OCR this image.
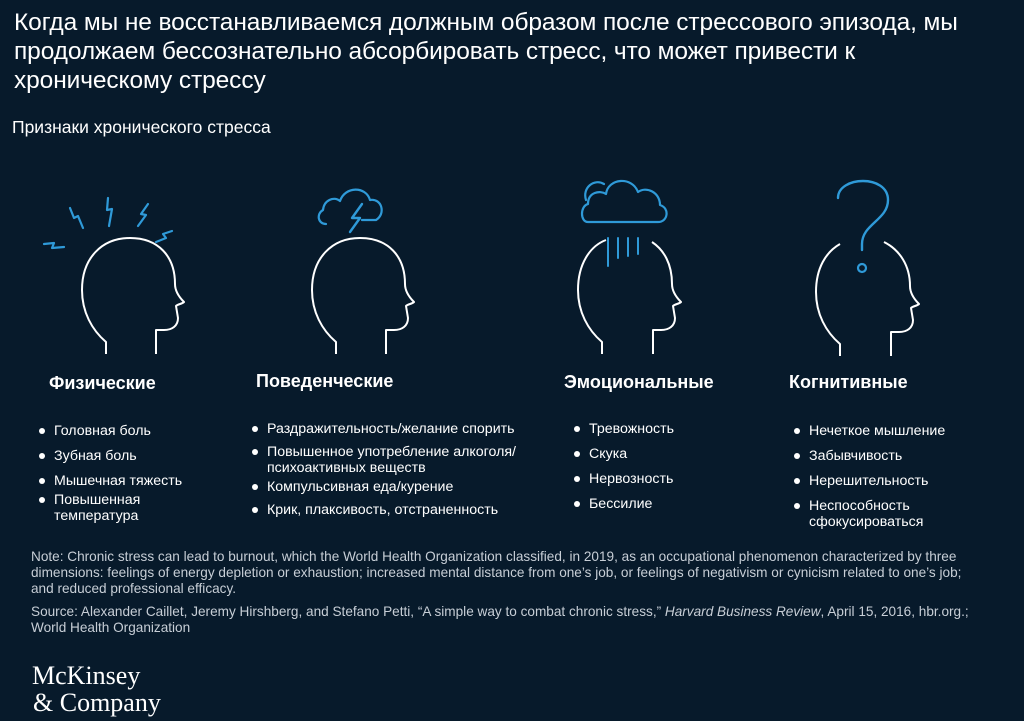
Когда мы не восстанавливаемся должным образом после стрессового эпизода, мы продолжаем бессознательно абсорбировать стресс, что может привести к хроническому стрессу
Признаки хронического стресса
Физические
Головная боль
Зубная боль
Мышечная тяжесть
Повышенная температура
Поведенческие
Раздражительность/желание спорить
Повышенное употребление алкоголя/ психоактивных веществ
Компульсивная еда/курение
Крик, плаксивость, отстраненность
Эмоциональные
Тревожность
Скука
Нервозность
Бессилие
Когнитивные
Нечеткое мышление
Забывчивость
Нерешительность
Неспособность сфокусироваться

Note: Chronic stress can lead to burnout, which the World Health Organization classified, in 2019, as an occupational phenomenon characterized by three dimensions: feelings of energy depletion or exhaustion; increased mental distance from one’s job, or feelings of negativism or cynicism related to one’s job; and reduced professional efficacy.

Source: Alexander Caillet, Jeremy Hirshberg, and Stefano Petti, “A simple way to combat chronic stress,” Harvard Business Review, April 15, 2016, hbr.org.; World Health Organization

McKinsey
& Company
